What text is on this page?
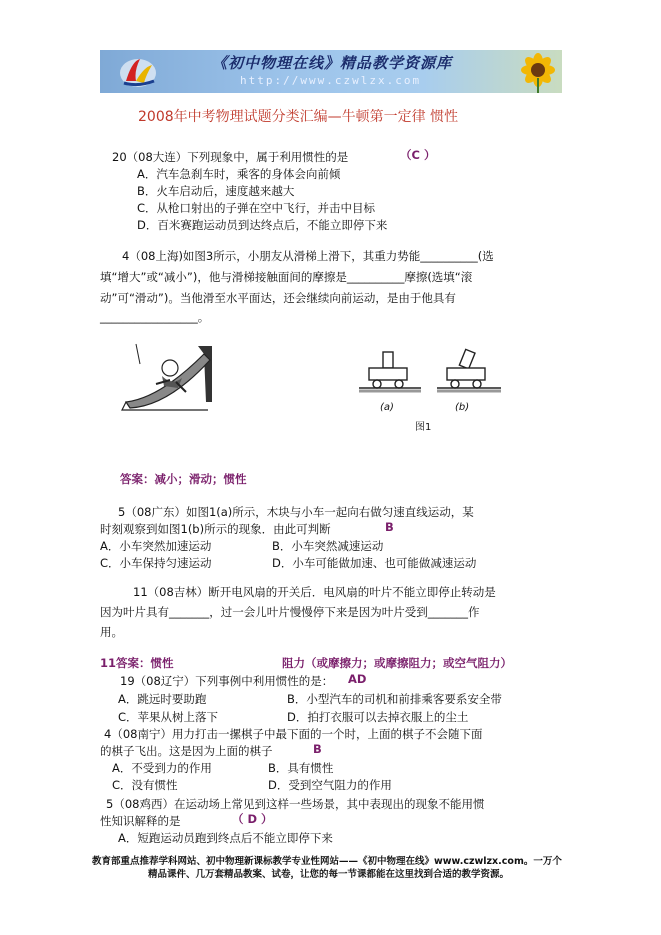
《初中物理在线》精品教学资源库
http://www.czwlzx.com
2008年中考物理试题分类汇编—牛顿第一定律 惯性
20（08大连）下列现象中，属于利用惯性的是	（C ）
A．汽车急刹车时，乘客的身体会向前倾
B．火车启动后，速度越来越大
C．从枪口射出的子弹在空中飞行，并击中目标
D．百米赛跑运动员到达终点后，不能立即停下来
4（08上海)如图3所示，小朋友从滑梯上滑下，其重力势能__________(选
填“增大”或“减小”)，他与滑梯接触面间的摩擦是__________摩擦(选填“滚
动”可“滑动”)。当他滑至水平面达，还会继续向前运动，是由于他具有
_________________。
(a)	(b)
图1
答案：减小；滑动；惯性
5（08广东）如图1(a)所示，木块与小车一起向右做匀速直线运动，某
时刻观察到如图1(b)所示的现象．由此可判断	B
A．小车突然加速运动	B．小车突然减速运动
C．小车保持匀速运动	D．小车可能做加速、也可能做减速运动
11（08吉林）断开电风扇的开关后．电风扇的叶片不能立即停止转动是
因为叶片具有_______，过一会儿叶片慢慢停下来是因为叶片受到_______作
用。
11答案：惯性	阻力（或摩擦力；或摩擦阻力；或空气阻力）
19（08辽宁）下列事例中利用惯性的是： AD
A．跳远时要助跑	B．小型汽车的司机和前排乘客要系安全带
C．苹果从树上落下	D．拍打衣服可以去掉衣服上的尘土
4（08南宁）用力打击一摞棋子中最下面的一个时，上面的棋子不会随下面
的棋子飞出。这是因为上面的棋子	B
A．不受到力的作用	B．具有惯性
C．没有惯性	D．受到空气阻力的作用
5（08鸡西）在运动场上常见到这样一些场景，其中表现出的现象不能用惯
性知识解释的是	（ D ）
A．短跑运动员跑到终点后不能立即停下来
教育部重点推荐学科网站、初中物理新课标教学专业性网站——《初中物理在线》www.czwlzx.com。一万个
精品课件、几万套精品教案、试卷，让您的每一节课都能在这里找到合适的教学资源。
